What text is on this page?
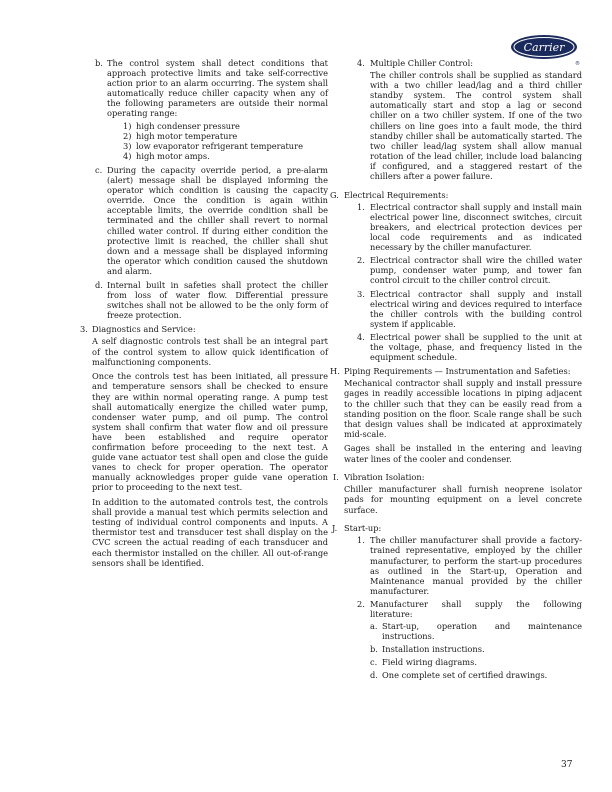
Carrier
®
b. The control system shall detect conditions that approach protective limits and take self-corrective action prior to an alarm occurring. The system shall automatically reduce chiller capacity when any of the following parameters are outside their normal operating range:
1) high condenser pressure
2) high motor temperature
3) low evaporator refrigerant temperature
4) high motor amps.
c. During the capacity override period, a pre-alarm (alert) message shall be displayed informing the operator which condition is causing the capacity override. Once the condition is again within acceptable limits, the override condition shall be terminated and the chiller shall revert to normal chilled water control. If during either condition the protective limit is reached, the chiller shall shut down and a message shall be displayed informing the operator which condition caused the shutdown and alarm.
d. Internal built in safeties shall protect the chiller from loss of water flow. Differential pressure switches shall not be allowed to be the only form of freeze protection.
3. Diagnostics and Service:

A self diagnostic controls test shall be an integral part of the control system to allow quick identification of malfunctioning components.

Once the controls test has been initiated, all pressure and temperature sensors shall be checked to ensure they are within normal operating range. A pump test shall automatically energize the chilled water pump, condenser water pump, and oil pump. The control system shall confirm that water flow and oil pressure have been established and require operator confirmation before proceeding to the next test. A guide vane actuator test shall open and close the guide vanes to check for proper operation. The operator manually acknowledges proper guide vane operation prior to proceeding to the next test.

In addition to the automated controls test, the controls shall provide a manual test which permits selection and testing of individual control components and inputs. A thermistor test and transducer test shall display on the CVC screen the actual reading of each transducer and each thermistor installed on the chiller. All out-of-range sensors shall be identified.

4. Multiple Chiller Control:

The chiller controls shall be supplied as standard with a two chiller lead/lag and a third chiller standby system. The control system shall automatically start and stop a lag or second chiller on a two chiller system. If one of the two chillers on line goes into a fault mode, the third standby chiller shall be automatically started. The two chiller lead/lag system shall allow manual rotation of the lead chiller, include load balancing if configured, and a staggered restart of the chillers after a power failure.

G. Electrical Requirements:
1. Electrical contractor shall supply and install main electrical power line, disconnect switches, circuit breakers, and electrical protection devices per local code requirements and as indicated necessary by the chiller manufacturer.
2. Electrical contractor shall wire the chilled water pump, condenser water pump, and tower fan control circuit to the chiller control circuit.
3. Electrical contractor shall supply and install electrical wiring and devices required to interface the chiller controls with the building control system if applicable.
4. Electrical power shall be supplied to the unit at the voltage, phase, and frequency listed in the equipment schedule.
H. Piping Requirements — Instrumentation and Safeties:

Mechanical contractor shall supply and install pressure gages in readily accessible locations in piping adjacent to the chiller such that they can be easily read from a standing position on the floor. Scale range shall be such that design values shall be indicated at approximately mid-scale.

Gages shall be installed in the entering and leaving water lines of the cooler and condenser.

I. Vibration Isolation:

Chiller manufacturer shall furnish neoprene isolator pads for mounting equipment on a level concrete surface.

J. Start-up:
1. The chiller manufacturer shall provide a factory-trained representative, employed by the chiller manufacturer, to perform the start-up procedures as outlined in the Start-up, Operation and Maintenance manual provided by the chiller manufacturer.
2. Manufacturer shall supply the following literature:
a. Start-up, operation and maintenance instructions.
b. Installation instructions.
c. Field wiring diagrams.
d. One complete set of certified drawings.
37
